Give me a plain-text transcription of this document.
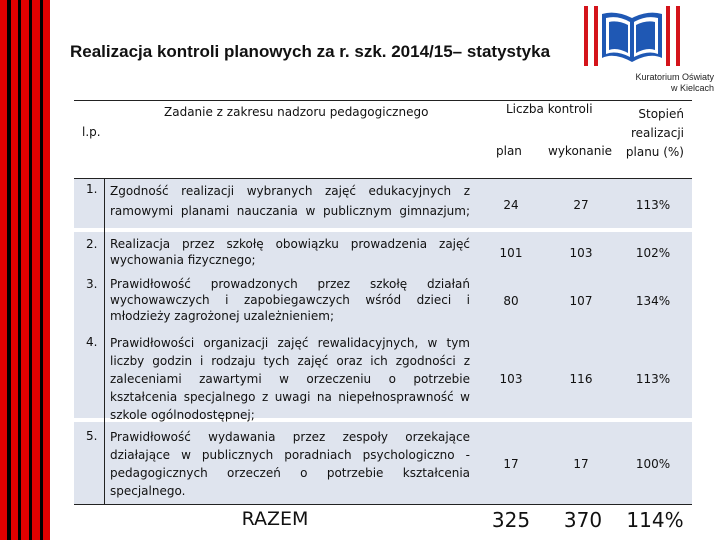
Realizacja kontroli planowych za r. szk. 2014/15– statystyka
Kuratorium Oświaty
w Kielcach
l.p.
Zadanie z zakresu nadzoru pedagogicznego	Liczba kontroli
plan wykonanie
Stopień
realizacji
planu (%)
1. Zgodność realizacji wybranych zajęć edukacyjnych z ramowymi planami nauczania w publicznym gimnazjum;	24	27	113%
2. Realizacja przez szkołę obowiązku prowadzenia zajęć wychowania fizycznego;	101	103	102%
3. Prawidłowość prowadzonych przez szkołę działań wychowawczych i zapobiegawczych wśród dzieci i młodzieży zagrożonej uzależnieniem;
80	107	134%
4. Prawidłowości organizacji zajęć rewalidacyjnych, w tym liczby godzin i rodzaju tych zajęć oraz ich zgodności z zaleceniami zawartymi w orzeczeniu o potrzebie kształcenia specjalnego z uwagi na niepełnosprawność w szkole ogólnodostępnej;
103	116	113%
5. Prawidłowość wydawania przez zespoły orzekające działające w publicznych poradniach psychologiczno -pedagogicznych orzeczeń o potrzebie kształcenia specjalnego.
17	17	100%
RAZEM	325	370	114%
